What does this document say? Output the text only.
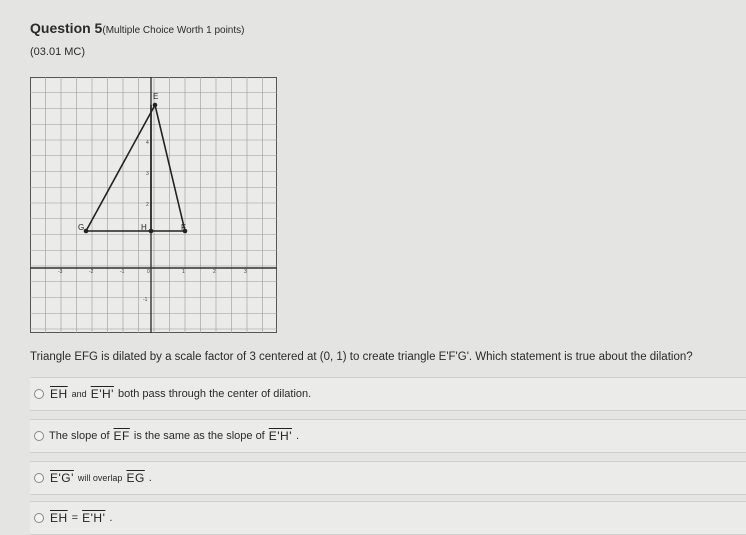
Question 5(Multiple Choice Worth 1 points)
(03.01 MC)
E
G	H	F
-3	-2	-1	0	1	2	3
4
3
2
-1
Triangle EFG is dilated by a scale factor of 3 centered at (0, 1) to create triangle E'F'G'. Which statement is true about the dilation?
$\overline{EH}$ and E'H' both pass through the center of dilation.
The slope of $\overline{EF}$ is the same as the slope of E'H' .
E'G' will overlap $\overline{EG}$ .
$\overline{EH} = E'H'$ .
